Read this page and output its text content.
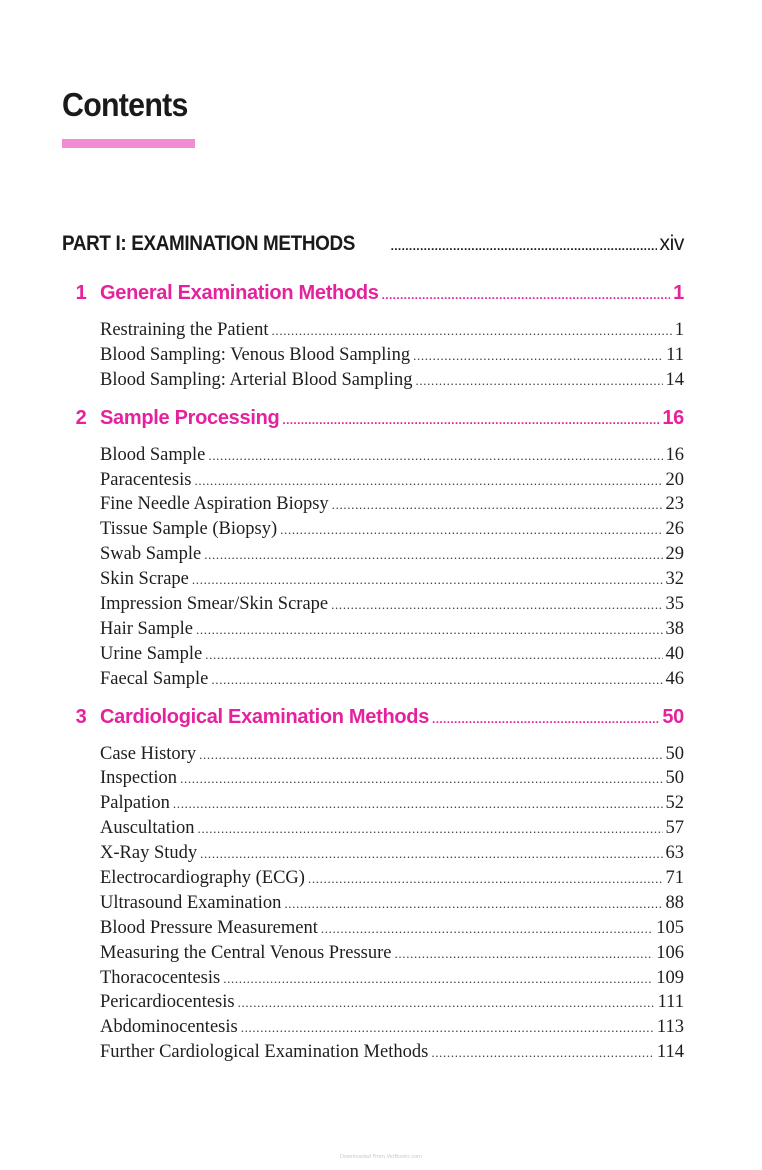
Contents
PART I: EXAMINATION METHODS . . .	xiv
1 General Examination Methods . . .	1
Restraining the Patient . . .	1
Blood Sampling: Venous Blood Sampling . . .	11
Blood Sampling: Arterial Blood Sampling . . .	14
2 Sample Processing . . .	16
Blood Sample . . .	16
Paracentesis . . .	20
Fine Needle Aspiration Biopsy . . .	23
Tissue Sample (Biopsy) . . .	26
Swab Sample . . .	29
Skin Scrape . . .	32
Impression Smear/Skin Scrape . . .	35
Hair Sample . . .	38
Urine Sample . . .	40
Faecal Sample . . .	46
3 Cardiological Examination Methods . . .	50
Case History . . .	50
Inspection . . .	50
Palpation . . .	52
Auscultation . . .	57
X-Ray Study . . .	63
Electrocardiography (ECG) . . .	71
Ultrasound Examination . . .	88
Blood Pressure Measurement . . .	105
Measuring the Central Venous Pressure . . .	106
Thoracocentesis . . .	109
Pericardiocentesis . . .	111
Abdominocentesis . . .	113
Further Cardiological Examination Methods . . .	114
Downloaded From VetBooks.com
